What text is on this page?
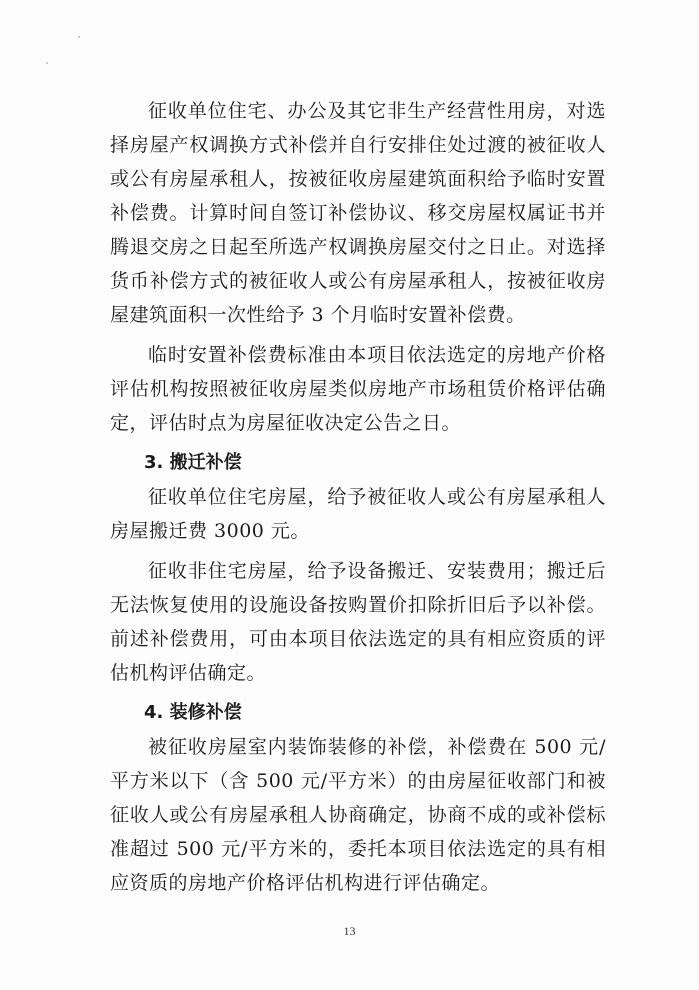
征收单位住宅、办公及其它非生产经营性用房，对选择房屋产权调换方式补偿并自行安排住处过渡的被征收人或公有房屋承租人，按被征收房屋建筑面积给予临时安置补偿费。计算时间自签订补偿协议、移交房屋权属证书并腾退交房之日起至所选产权调换房屋交付之日止。对选择货币补偿方式的被征收人或公有房屋承租人，按被征收房屋建筑面积一次性给予 3 个月临时安置补偿费。

临时安置补偿费标准由本项目依法选定的房地产价格评估机构按照被征收房屋类似房地产市场租赁价格评估确定，评估时点为房屋征收决定公告之日。

3. 搬迁补偿

征收单位住宅房屋，给予被征收人或公有房屋承租人房屋搬迁费 3000 元。

征收非住宅房屋，给予设备搬迁、安装费用；搬迁后无法恢复使用的设施设备按购置价扣除折旧后予以补偿。前述补偿费用，可由本项目依法选定的具有相应资质的评估机构评估确定。

4. 装修补偿

被征收房屋室内装饰装修的补偿，补偿费在 500 元/平方米以下（含 500 元/平方米）的由房屋征收部门和被征收人或公有房屋承租人协商确定，协商不成的或补偿标准超过 500 元/平方米的，委托本项目依法选定的具有相应资质的房地产价格评估机构进行评估确定。

13
